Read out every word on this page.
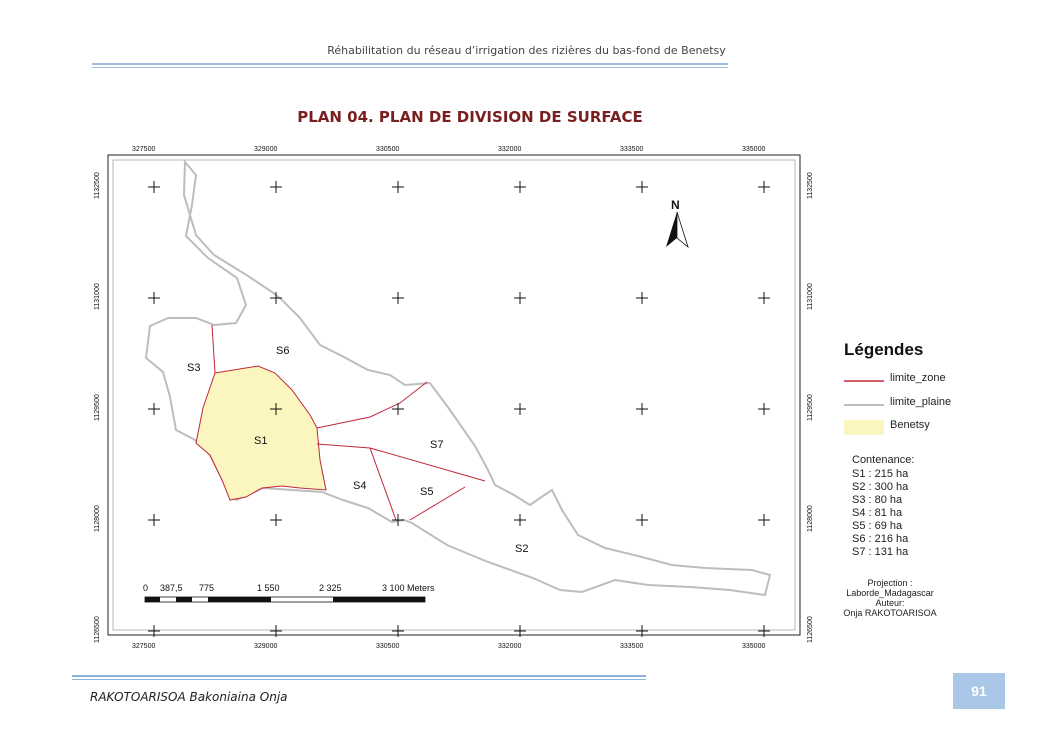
Réhabilitation du réseau d’irrigation des rizières du bas-fond de Benetsy
PLAN 04. PLAN DE DIVISION DE SURFACE
S1
S2
S3
S4	S5
S6
S7
N
0 387,5 775	1 550	2 325	3 100 Meters
327500
327500
329000
329000
330500
330500
332000
332000
333500
333500
335000
335000
1132500	1132500
1131000	1131000
1129500	1129500
1128000	1128000
1126500	1126500
Légendes
limite_zone
limite_plaine
Benetsy
Contenance:
S1 : 215 ha
S2 : 300 ha
S3 : 80 ha
S4 : 81 ha
S5 : 69 ha
S6 : 216 ha
S7 : 131 ha
Projection :
Laborde_Madagascar
Auteur:
Onja RAKOTOARISOA
RAKOTOARISOA Bakoniaina Onja	91
